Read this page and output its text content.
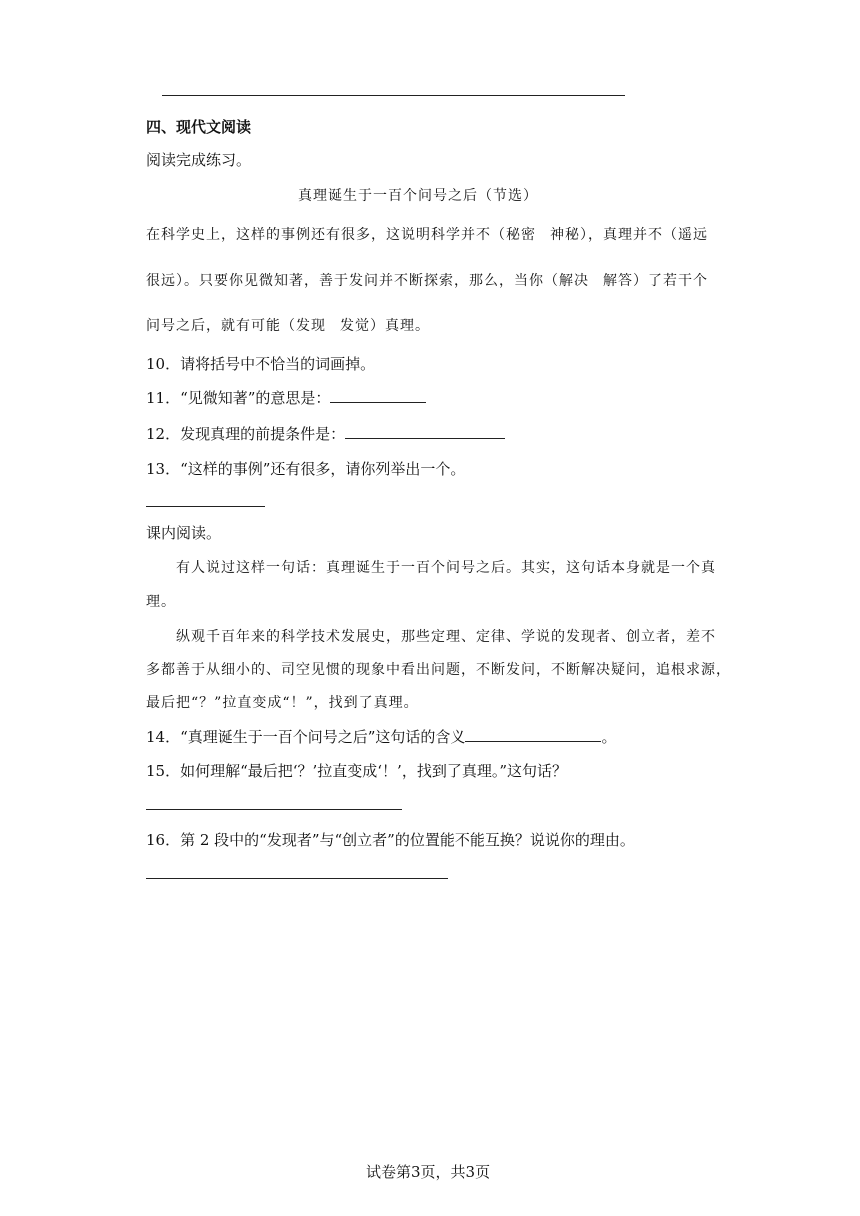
四、现代文阅读
阅读完成练习。
真理诞生于一百个问号之后（节选）
在科学史上，这样的事例还有很多，这说明科学并不（秘密 神秘），真理并不（遥远
很远）。只要你见微知著，善于发问并不断探索，那么，当你（解决 解答）了若干个
问号之后，就有可能（发现 发觉）真理。
10．请将括号中不恰当的词画掉。
11．“见微知著”的意思是：
12．发现真理的前提条件是：
13．“这样的事例”还有很多，请你列举出一个。
课内阅读。
有人说过这样一句话：真理诞生于一百个问号之后。其实，这句话本身就是一个真
理。
纵观千百年来的科学技术发展史，那些定理、定律、学说的发现者、创立者，差不
多都善于从细小的、司空见惯的现象中看出问题，不断发问，不断解决疑问，追根求源，
最后把“？”拉直变成“！”，找到了真理。
14．“真理诞生于一百个问号之后”这句话的含义	。
15．如何理解“最后把‘？’拉直变成‘！’，找到了真理。”这句话？
16．第 2 段中的“发现者”与“创立者”的位置能不能互换？说说你的理由。
试卷第3页，共3页
